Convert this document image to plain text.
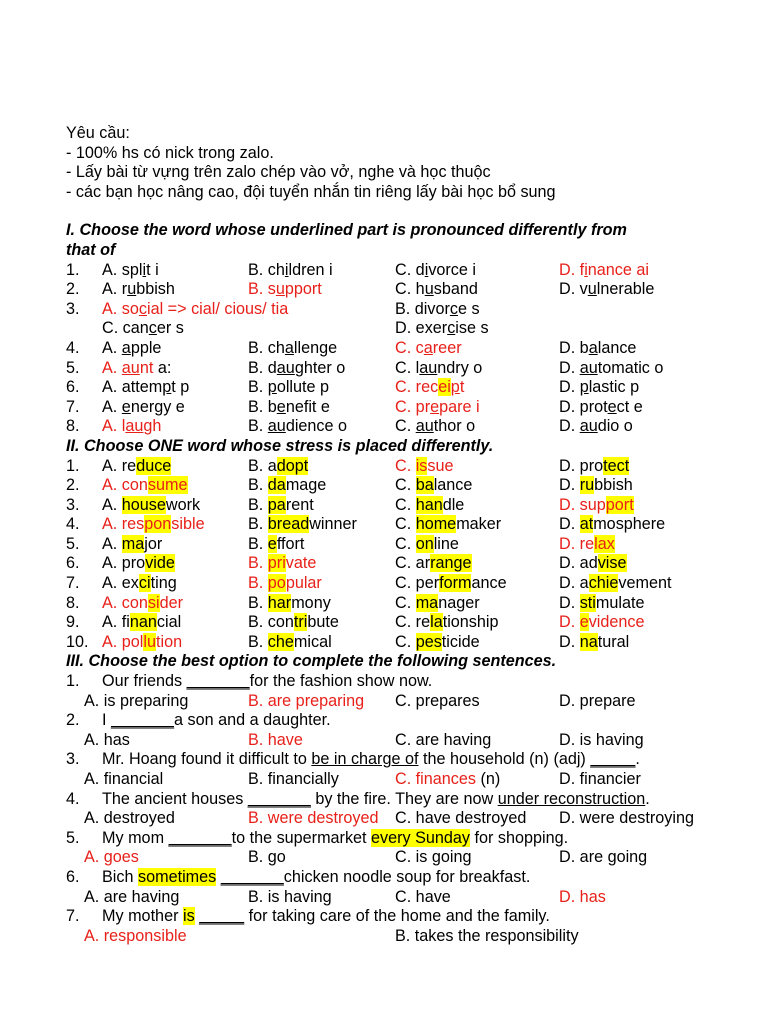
Yêu cầu:
- 100% hs có nick trong zalo.
- Lấy bài từ vựng trên zalo chép vào vở, nghe và học thuộc
- các bạn học nâng cao, đội tuyển nhắn tin riêng lấy bài học bổ sung
I. Choose the word whose underlined part is pronounced differently from
that of
1. A. split i	B. children i	C. divorce i	D. finance ai
2. A. rubbish	B. support	C. husband	D. vulnerable
3. A. social => cial/ cious/ tia	B. divorce s
C. cancer s	D. exercise s
4. A. apple	B. challenge	C. career	D. balance
5. A. aunt a:	B. daughter o	C. laundry o	D. automatic o
6. A. attempt p	B. pollute p	C. receipt	D. plastic p
7. A. energy e	B. benefit e	C. prepare i	D. protect e
8. A. laugh	B. audience o	C. author o	D. audio o
II. Choose ONE word whose stress is placed differently.
1. A. reduce	B. adopt	C. issue	D. protect
2. A. consume	B. damage	C. balance	D. rubbish
3. A. housework	B. parent	C. handle	D. support
4. A. responsible	B. breadwinner C. homemaker	D. atmosphere
5. A. major	B. effort	C. online	D. relax
6. A. provide	B. private	C. arrange	D. advise
7. A. exciting	B. popular	C. performance	D. achievement
8. A. consider	B. harmony	C. manager	D. stimulate
9. A. financial	B. contribute	C. relationship	D. evidence
10. A. pollution	B. chemical	C. pesticide	D. natural
III. Choose the best option to complete the following sentences.
1. Our friends _______for the fashion show now.
A. is preparing	B. are preparing C. prepares	D. prepare
2. I _______a son and a daughter.
A. has	B. have	C. are having	D. is having
3. Mr. Hoang found it difficult to be in charge of the household (n) (adj) _____.
A. financial	B. financially	C. finances (n)	D. financier
4. The ancient houses _______ by the fire. They are now under reconstruction.
A. destroyed	B. were destroyed C. have destroyed D. were destroying
5. My mom _______to the supermarket every Sunday for shopping.
A. goes	B. go	C. is going	D. are going
6. Bich sometimes _______chicken noodle soup for breakfast.
A. are having	B. is having	C. have	D. has
7. My mother is _____ for taking care of the home and the family.
A. responsible	B. takes the responsibility
